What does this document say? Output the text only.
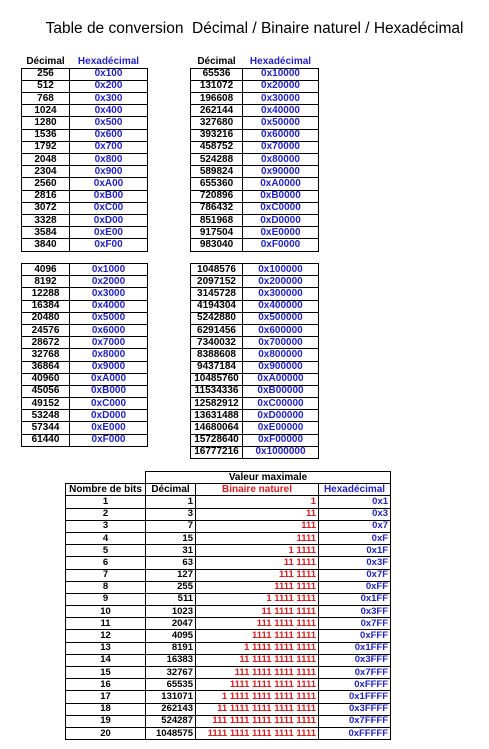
Table de conversion  Décimal / Binaire naturel / Hexadécimal
Décimal	Hexadécimal
256	0x100
512	0x200
768	0x300
1024	0x400
1280	0x500
1536	0x600
1792	0x700
2048	0x800
2304	0x900
2560	0xA00
2816	0xB00
3072	0xC00
3328	0xD00
3584	0xE00
3840	0xF00
Décimal	Hexadécimal
65536	0x10000
131072	0x20000
196608	0x30000
262144	0x40000
327680	0x50000
393216	0x60000
458752	0x70000
524288	0x80000
589824	0x90000
655360	0xA0000
720896	0xB0000
786432	0xC0000
851968	0xD0000
917504	0xE0000
983040	0xF0000
4096	0x1000
8192	0x2000
12288	0x3000
16384	0x4000
20480	0x5000
24576	0x6000
28672	0x7000
32768	0x8000
36864	0x9000
40960	0xA000
45056	0xB000
49152	0xC000
53248	0xD000
57344	0xE000
61440	0xF000
1048576	0x100000
2097152	0x200000
3145728	0x300000
4194304	0x400000
5242880	0x500000
6291456	0x600000
7340032	0x700000
8388608	0x800000
9437184	0x900000
10485760	0xA00000
11534336	0xB00000
12582912	0xC00000
13631488	0xD00000
14680064	0xE00000
15728640	0xF00000
16777216	0x1000000
	Valeur maximale		
Nombre de bits	Décimal	Binaire naturel	Hexadécimal
1	1	1	0x1
2	3	11	0x3
3	7	111	0x7
4	15	1111	0xF
5	31	1 1111	0x1F
6	63	11 1111	0x3F
7	127	111 1111	0x7F
8	255	1111 1111	0xFF
9	511	1 1111 1111	0x1FF
10	1023	11 1111 1111	0x3FF
11	2047	111 1111 1111	0x7FF
12	4095	1111 1111 1111	0xFFF
13	8191	1 1111 1111 1111	0x1FFF
14	16383	11 1111 1111 1111	0x3FFF
15	32767	111 1111 1111 1111	0x7FFF
16	65535	1111 1111 1111 1111	0xFFFF
17	131071	1 1111 1111 1111 1111	0x1FFFF
18	262143	11 1111 1111 1111 1111	0x3FFFF
19	524287	111 1111 1111 1111 1111	0x7FFFF
20	1048575	1111 1111 1111 1111 1111	0xFFFFF
